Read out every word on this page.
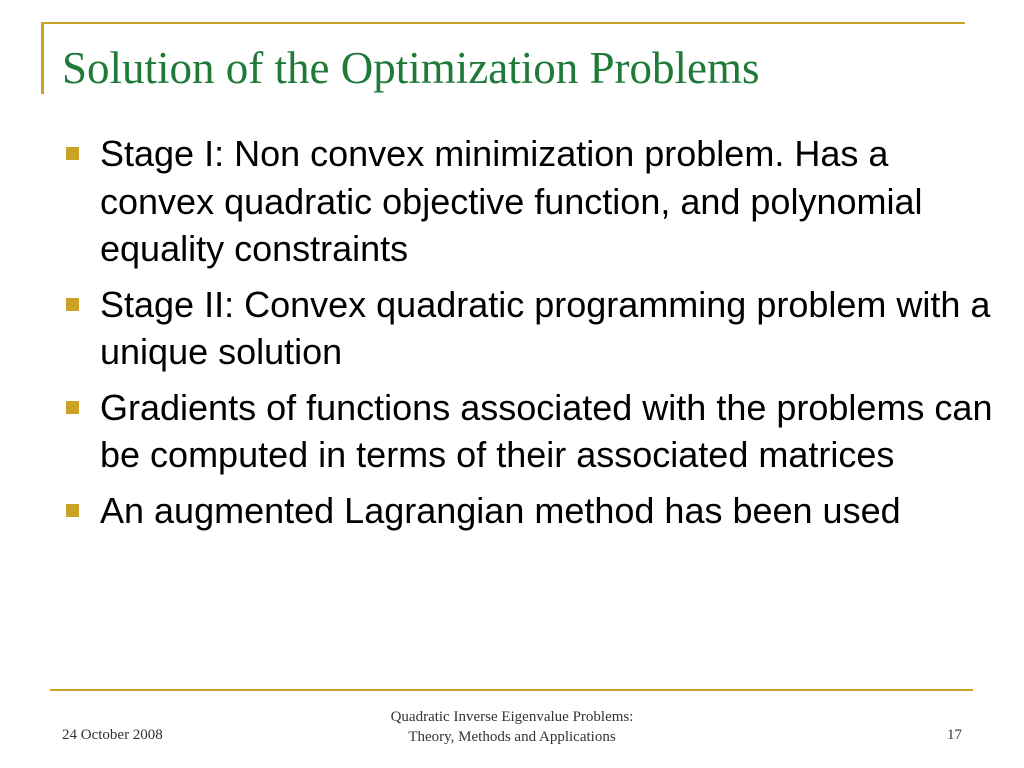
Solution of the Optimization Problems
Stage I: Non convex minimization problem. Has a convex quadratic objective function, and polynomial equality constraints
Stage II: Convex quadratic programming problem with a unique solution
Gradients of functions associated with the problems can be computed in terms of their associated matrices
An augmented Lagrangian method has been used
24 October 2008
Quadratic Inverse Eigenvalue Problems:
Theory, Methods and Applications	17
